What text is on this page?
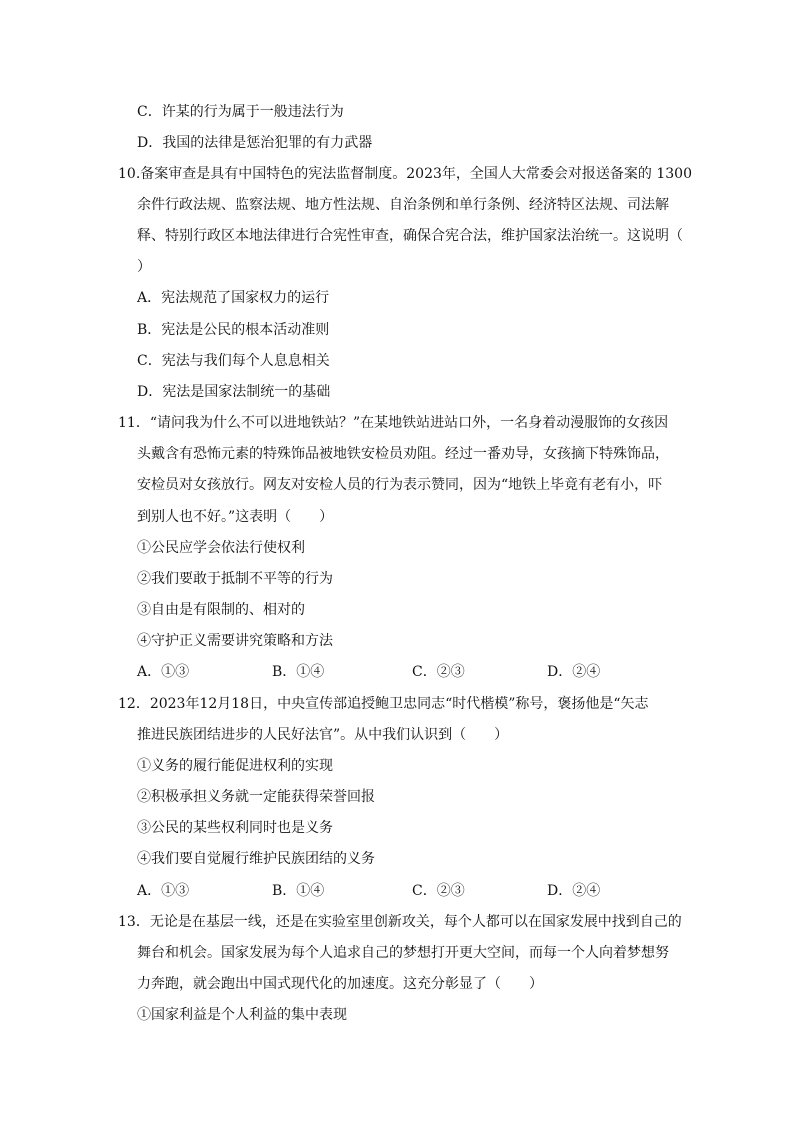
C．许某的行为属于一般违法行为
D．我国的法律是惩治犯罪的有力武器
10.备案审查是具有中国特色的宪法监督制度。2023年，全国人大常委会对报送备案的 1300
余件行政法规、监察法规、地方性法规、自治条例和单行条例、经济特区法规、司法解
释、特别行政区本地法律进行合宪性审查，确保合宪合法，维护国家法治统一。这说明（
）
A．宪法规范了国家权力的运行
B．宪法是公民的根本活动准则
C．宪法与我们每个人息息相关
D．宪法是国家法制统一的基础
11．“请问我为什么不可以进地铁站？”在某地铁站进站口外，一名身着动漫服饰的女孩因
头戴含有恐怖元素的特殊饰品被地铁安检员劝阻。经过一番劝导，女孩摘下特殊饰品，
安检员对女孩放行。网友对安检人员的行为表示赞同，因为“地铁上毕竟有老有小，吓
到别人也不好。”这表明（　　）
①公民应学会依法行使权利
②我们要敢于抵制不平等的行为
③自由是有限制的、相对的
④守护正义需要讲究策略和方法
A．①③	B．①④	C．②③	D．②④
12．2023年12月18日，中央宣传部追授鲍卫忠同志“时代楷模”称号，褒扬他是“矢志
推进民族团结进步的人民好法官”。从中我们认识到（　　）
①义务的履行能促进权利的实现
②积极承担义务就一定能获得荣誉回报
③公民的某些权利同时也是义务
④我们要自觉履行维护民族团结的义务
A．①③	B．①④	C．②③	D．②④
13．无论是在基层一线，还是在实验室里创新攻关，每个人都可以在国家发展中找到自己的
舞台和机会。国家发展为每个人追求自己的梦想打开更大空间，而每一个人向着梦想努
力奔跑，就会跑出中国式现代化的加速度。这充分彰显了（　　）
①国家利益是个人利益的集中表现
